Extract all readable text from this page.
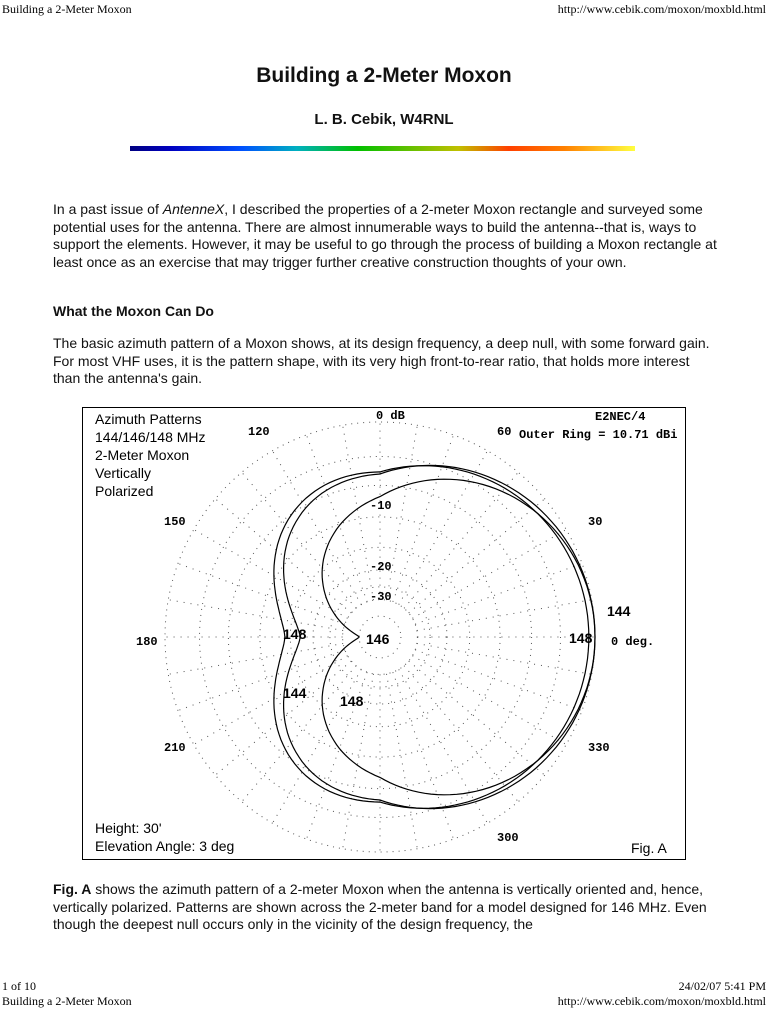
Building a 2-Meter Moxon	http://www.cebik.com/moxon/moxbld.html
Building a 2-Meter Moxon
L. B. Cebik, W4RNL

In a past issue of AntenneX, I described the properties of a 2-meter Moxon rectangle and surveyed some potential uses for the antenna. There are almost innumerable ways to build the antenna--that is, ways to support the elements. However, it may be useful to go through the process of building a Moxon rectangle at least once as an exercise that may trigger further creative construction thoughts of your own.

What the Moxon Can Do

The basic azimuth pattern of a Moxon shows, at its design frequency, a deep null, with some forward gain. For most VHF uses, it is the pattern shape, with its very high front-to-rear ratio, that holds more interest than the antenna's gain.

Azimuth Patterns
144/146/148 MHz
2-Meter Moxon
Vertically
Polarized
E2NEC/4
Outer Ring = 10.71 dBi
0 dB
-10
-20
-30
0 deg.
30
60
120
150
180
210
300
330
144
148
148	146
144 148
Height: 30'
Elevation Angle: 3 deg	Fig. A

Fig. A shows the azimuth pattern of a 2-meter Moxon when the antenna is vertically oriented and, hence, vertically polarized. Patterns are shown across the 2-meter band for a model designed for 146 MHz. Even though the deepest null occurs only in the vicinity of the design frequency, the

1 of 10
Building a 2-Meter Moxon
24/02/07 5:41 PM
http://www.cebik.com/moxon/moxbld.html
